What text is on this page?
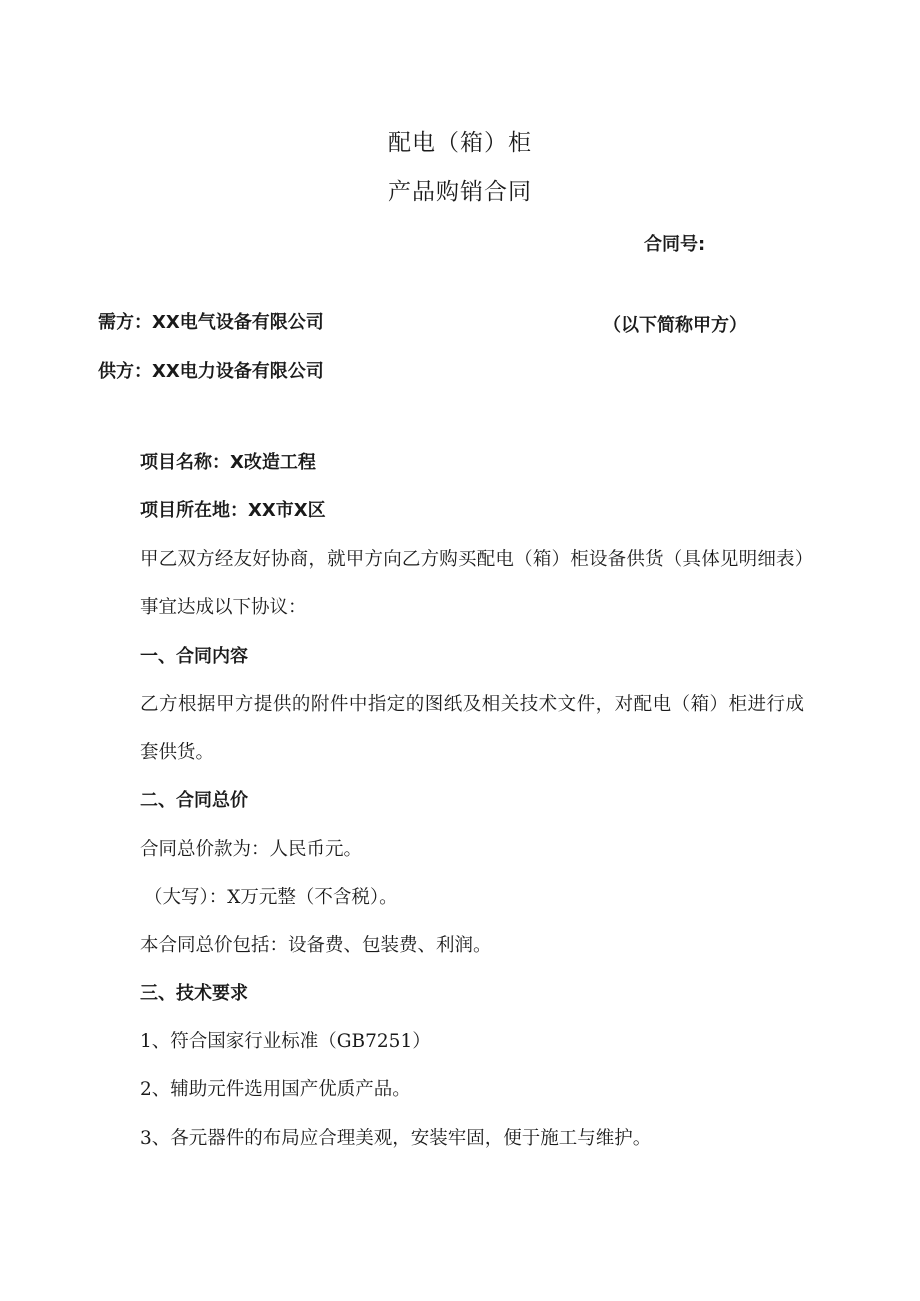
配电（箱）柜
产品购销合同
合同号:
需方：XX电气设备有限公司	（以下简称甲方）
供方：XX电力设备有限公司
项目名称：X改造工程
项目所在地：XX市X区
甲乙双方经友好协商，就甲方向乙方购买配电（箱）柜设备供货（具体见明细表）事宜达成以下协议：
一、合同内容
乙方根据甲方提供的附件中指定的图纸及相关技术文件，对配电（箱）柜进行成套供货。
二、合同总价
合同总价款为：人民币元。
（大写）：X万元整（不含税）。
本合同总价包括：设备费、包装费、利润。
三、技术要求
1、符合国家行业标准（GB7251）
2、辅助元件选用国产优质产品。
3、各元器件的布局应合理美观，安装牢固，便于施工与维护。
